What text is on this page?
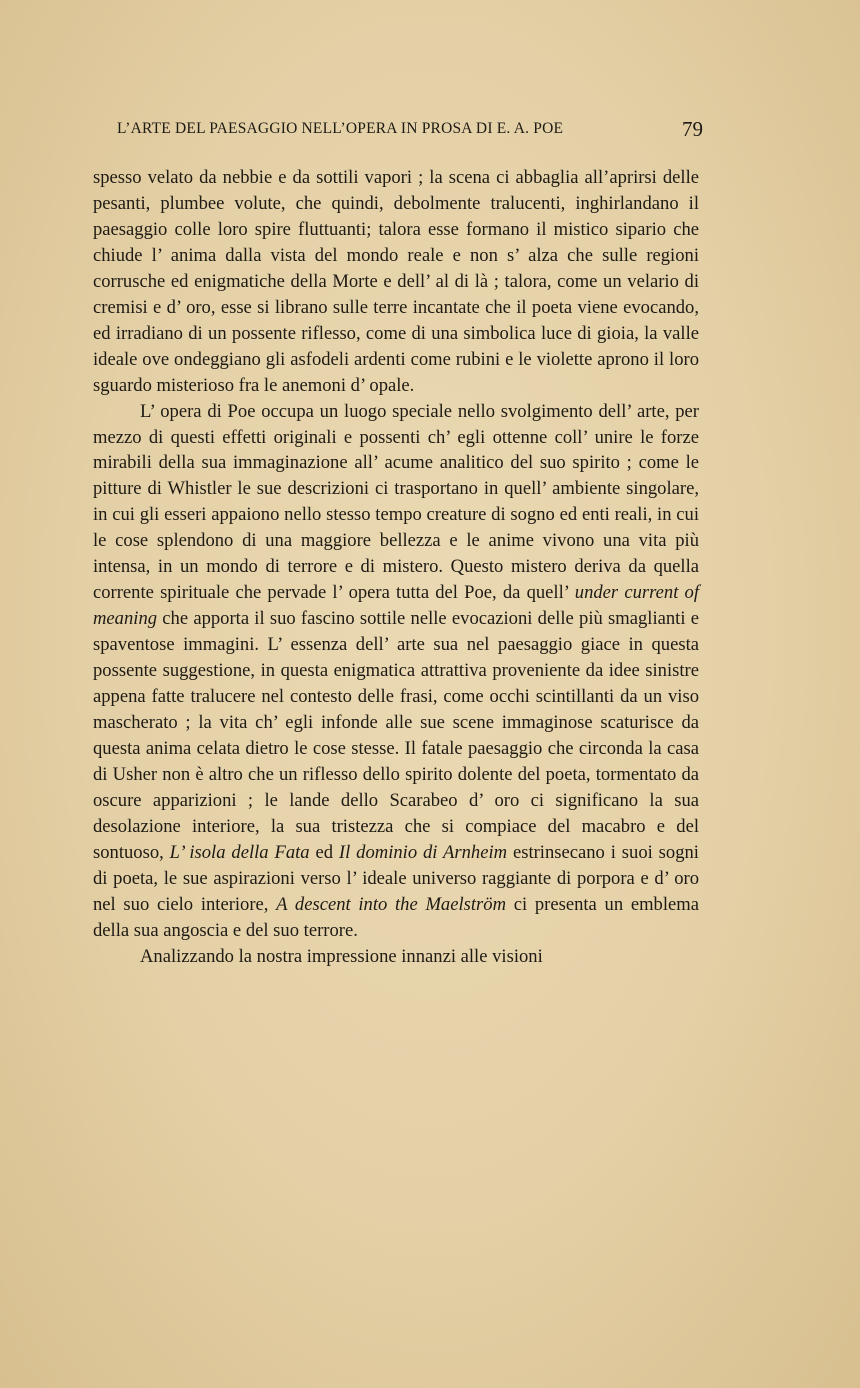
L’ARTE DEL PAESAGGIO NELL’OPERA IN PROSA DI E. A. POE	79

spesso velato da nebbie e da sottili vapori ; la scena ci abbaglia all’aprirsi delle pesanti, plumbee volute, che quindi, debolmente tralucenti, inghirlandano il paesaggio colle loro spire fluttuanti; talora esse formano il mistico sipario che chiude l’ anima dalla vista del mondo reale e non s’ alza che sulle regioni corrusche ed enigmatiche della Morte e dell’ al di là ; talora, come un velario di cremisi e d’ oro, esse si librano sulle terre incantate che il poeta viene evocando, ed irradiano di un possente riflesso, come di una simbolica luce di gioia, la valle ideale ove ondeggiano gli asfodeli ardenti come rubini e le violette aprono il loro sguardo misterioso fra le anemoni d’ opale.

L’ opera di Poe occupa un luogo speciale nello svolgimento dell’ arte, per mezzo di questi effetti originali e possenti ch’ egli ottenne coll’ unire le forze mirabili della sua immaginazione all’ acume analitico del suo spirito ; come le pitture di Whistler le sue descrizioni ci trasportano in quell’ ambiente singolare, in cui gli esseri appaiono nello stesso tempo creature di sogno ed enti reali, in cui le cose splendono di una maggiore bellezza e le anime vivono una vita più intensa, in un mondo di terrore e di mistero. Questo mistero deriva da quella corrente spirituale che pervade l’ opera tutta del Poe, da quell’ under current of meaning che apporta il suo fascino sottile nelle evocazioni delle più smaglianti e spaventose immagini. L’ essenza dell’ arte sua nel paesaggio giace in questa possente suggestione, in questa enigmatica attrattiva proveniente da idee sinistre appena fatte tralucere nel contesto delle frasi, come occhi scintillanti da un viso mascherato ; la vita ch’ egli infonde alle sue scene immaginose scaturisce da questa anima celata dietro le cose stesse. Il fatale paesaggio che circonda la casa di Usher non è altro che un riflesso dello spirito dolente del poeta, tormentato da oscure apparizioni ; le lande dello Scarabeo d’ oro ci significano la sua desolazione interiore, la sua tristezza che si compiace del macabro e del sontuoso, L’ isola della Fata ed Il dominio di Arnheim estrinsecano i suoi sogni di poeta, le sue aspirazioni verso l’ ideale universo raggiante di porpora e d’ oro nel suo cielo interiore, A descent into the Maelström ci presenta un emblema della sua angoscia e del suo terrore.

Analizzando la nostra impressione innanzi alle visioni
